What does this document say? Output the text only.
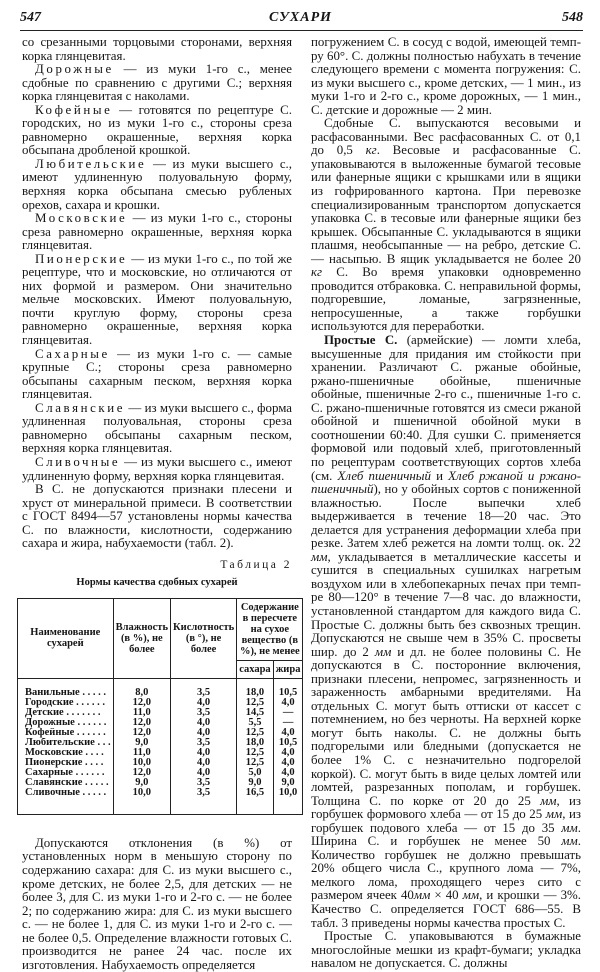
547	СУХАРИ	548

со срезанными торцовыми сторонами, верхняя корка глянцевитая.

Дорожные — из муки 1-го с., менее сдобные по сравнению с другими С.; верхняя корка глянцевитая с наколами.

Кофейные — готовятся по рецептуре С. городских, но из муки 1-го с., стороны среза равномерно окрашенные, верхняя корка обсыпана дробленой крошкой.

Любительские — из муки высшего с., имеют удлиненную полуовальную форму, верхняя корка обсыпана смесью рубленых орехов, сахара и крошки.

Московские — из муки 1-го с., стороны среза равномерно окрашенные, верхняя корка глянцевитая.

Пионерские — из муки 1-го с., по той же рецептуре, что и московские, но отличаются от них формой и размером. Они значительно мельче московских. Имеют полуовальную, почти круглую форму, стороны среза равномерно окрашенные, верхняя корка глянцевитая.

Сахарные — из муки 1-го с. — самые крупные С.; стороны среза равномерно обсыпаны сахарным песком, верхняя корка глянцевитая.

Славянские — из муки высшего с., форма удлиненная полуовальная, стороны среза равномерно обсыпаны сахарным песком, верхняя корка глянцевитая.

Сливочные — из муки высшего с., имеют удлиненную форму, верхняя корка глянцевитая.

В С. не допускаются признаки плесени и хруст от минеральной примеси. В соответствии с ГОСТ 8494—57 установлены нормы качества С. по влажности, кислотности, содержанию сахара и жира, набухаемости (табл. 2).

Таблица 2
Нормы качества сдобных сухарей
Наименование сухарей	Влажность (в %), не более	Кислотность (в °), не более	Содержание в пересчете на сухое вещество (в %), не менее	
			сахара	жира
Ванильные . . . . .	8,0	3,5	18,0	10,5
Городские . . . . . .	12,0	4,0	12,5	4,0
Детские . . . . . . .	11,0	3,5	14,5	—
Дорожные . . . . . .	12,0	4,0	5,5	—
Кофейные . . . . . .	12,0	4,0	12,5	4,0
Любительские . . .	9,0	3,5	18,0	10,5
Московские . . . .	11,0	4,0	12,5	4,0
Пионерские . . . .	10,0	4,0	12,5	4,0
Сахарные . . . . . .	12,0	4,0	5,0	4,0
Славянские . . . . .	9,0	3,5	9,0	9,0
Сливочные . . . . .	10,0	3,5	16,5	10,0

Допускаются отклонения (в %) от установленных норм в меньшую сторону по содержанию сахара: для С. из муки высшего с., кроме детских, не более 2,5, для детских — не более 3, для С. из муки 1-го и 2-го с. — не более 2; по содержанию жира: для С. из муки высшего с. — не более 1, для С. из муки 1-го и 2-го с. — не более 0,5. Определение влажности готовых С. производится не ранее 24 час. после их изготовления. Набухаемость определяется

погружением С. в сосуд с водой, имеющей темп-ру 60°. С. должны полностью набухать в течение следующего времени с момента погружения: С. из муки высшего с., кроме детских, — 1 мин., из муки 1-го и 2-го с., кроме дорожных, — 1 мин., С. детские и дорожные — 2 мин.

Сдобные С. выпускаются весовыми и расфасованными. Вес расфасованных С. от 0,1 до 0,5 кг. Весовые и расфасованные С. упаковываются в выложенные бумагой тесовые или фанерные ящики с крышками или в ящики из гофрированного картона. При перевозке специализированным транспортом допускается упаковка С. в тесовые или фанерные ящики без крышек. Обсыпанные С. укладываются в ящики плашмя, необсыпанные — на ребро, детские С. — насыпью. В ящик укладывается не более 20 кг С. Во время упаковки одновременно проводится отбраковка. С. неправильной формы, подгоревшие, ломаные, загрязненные, непросушенные, а также горбушки используются для переработки.

Простые С. (армейские) — ломти хлеба, высушенные для придания им стойкости при хранении. Различают С. ржаные обойные, ржано-пшеничные обойные, пшеничные обойные, пшеничные 2-го с., пшеничные 1-го с. С. ржано-пшеничные готовятся из смеси ржаной обойной и пшеничной обойной муки в соотношении 60:40. Для сушки С. применяется формовой или подовый хлеб, приготовленный по рецептурам соответствующих сортов хлеба (см. Хлеб пшеничный и Хлеб ржаной и ржано-пшеничный), но у обойных сортов с пониженной влажностью. После выпечки хлеб выдерживается в течение 18—20 час. Это делается для устранения деформации хлеба при резке. Затем хлеб режется на ломти толщ. ок. 22 мм, укладывается в металлические кассеты и сушится в специальных сушилках нагретым воздухом или в хлебопекарных печах при темп-ре 80—120° в течение 7—8 час. до влажности, установленной стандартом для каждого вида С. Простые С. должны быть без сквозных трещин. Допускаются не свыше чем в 35% С. просветы шир. до 2 мм и дл. не более половины С. Не допускаются в С. посторонние включения, признаки плесени, непромес, загрязненность и зараженность амбарными вредителями. На отдельных С. могут быть оттиски от кассет с потемнением, но без черноты. На верхней корке могут быть наколы. С. не должны быть подгорелыми или бледными (допускается не более 1% С. с незначительно подгорелой коркой). С. могут быть в виде целых ломтей или ломтей, разрезанных пополам, и горбушек. Толщина С. по корке от 20 до 25 мм, из горбушек формового хлеба — от 15 до 25 мм, из горбушек подового хлеба — от 15 до 35 мм. Ширина С. и горбушек не менее 50 мм. Количество горбушек не должно превышать 20% общего числа С., крупного лома — 7%, мелкого лома, проходящего через сито с размером ячеек 40мм × 40 мм, и крошки — 3%. Качество С. определяется ГОСТ 686—55. В табл. 3 приведены нормы качества простых С.

Простые С. упаковываются в бумажные многослойные мешки из крафт-бумаги; укладка навалом не допускается. С. должны
